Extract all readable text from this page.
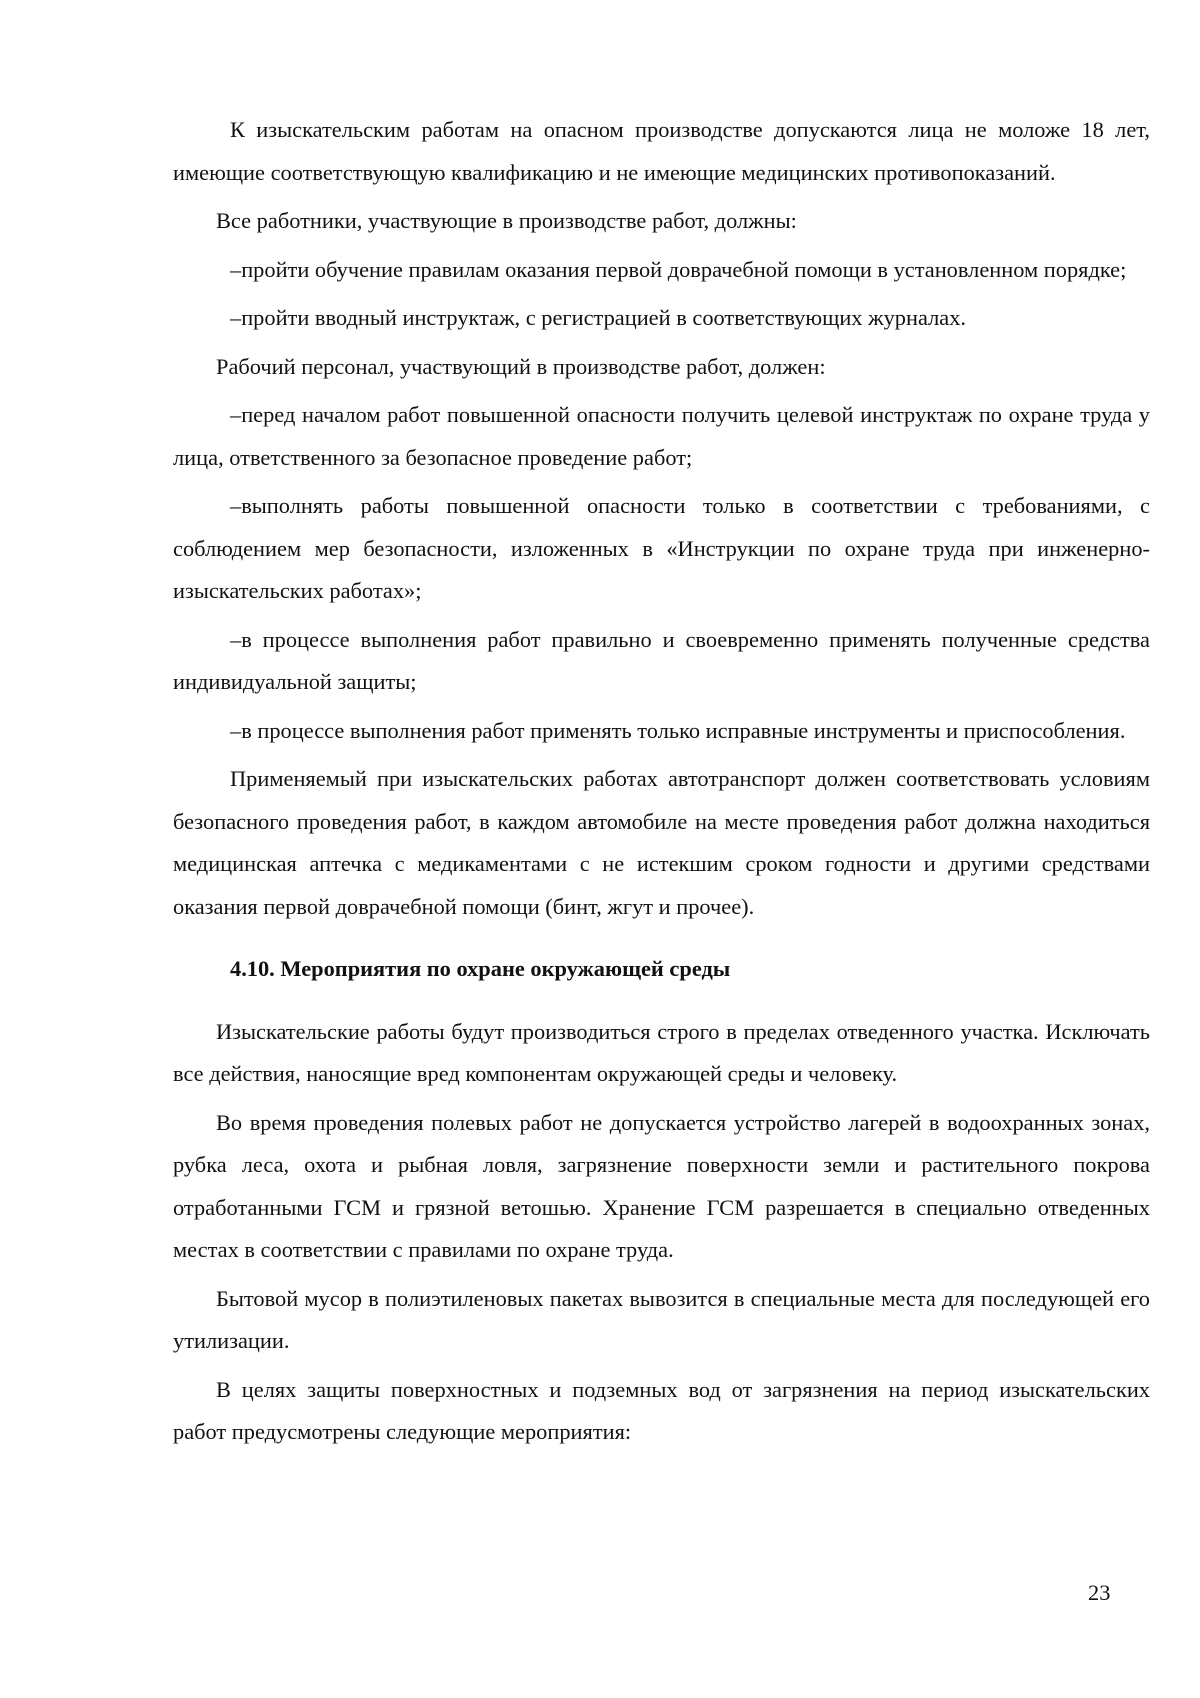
К изыскательским работам на опасном производстве допускаются лица не моложе 18 лет, имеющие соответствующую квалификацию и не имеющие медицинских противопоказаний.

Все работники, участвующие в производстве работ, должны:

–пройти обучение правилам оказания первой доврачебной помощи в установленном порядке;

–пройти вводный инструктаж, с регистрацией в соответствующих журналах.

Рабочий персонал, участвующий в производстве работ, должен:

–перед началом работ повышенной опасности получить целевой инструктаж по охране труда у лица, ответственного за безопасное проведение работ;

–выполнять работы повышенной опасности только в соответствии с требованиями, с соблюдением мер безопасности, изложенных в «Инструкции по охране труда при инженерно-изыскательских работах»;

–в процессе выполнения работ правильно и своевременно применять полученные средства индивидуальной защиты;

–в процессе выполнения работ применять только исправные инструменты и приспособления.

Применяемый при изыскательских работах автотранспорт должен соответствовать условиям безопасного проведения работ, в каждом автомобиле на месте проведения работ должна находиться медицинская аптечка с медикаментами с не истекшим сроком годности и другими средствами оказания первой доврачебной помощи (бинт, жгут и прочее).

4.10. Мероприятия по охране окружающей среды

Изыскательские работы будут производиться строго в пределах отведенного участка. Исключать все действия, наносящие вред компонентам окружающей среды и человеку.

Во время проведения полевых работ не допускается устройство лагерей в водоохранных зонах, рубка леса, охота и рыбная ловля, загрязнение поверхности земли и растительного покрова отработанными ГСМ и грязной ветошью. Хранение ГСМ разрешается в специально отведенных местах в соответствии с правилами по охране труда.

Бытовой мусор в полиэтиленовых пакетах вывозится в специальные места для последующей его утилизации.

В целях защиты поверхностных и подземных вод от загрязнения на период изыскательских работ предусмотрены следующие мероприятия:

23
